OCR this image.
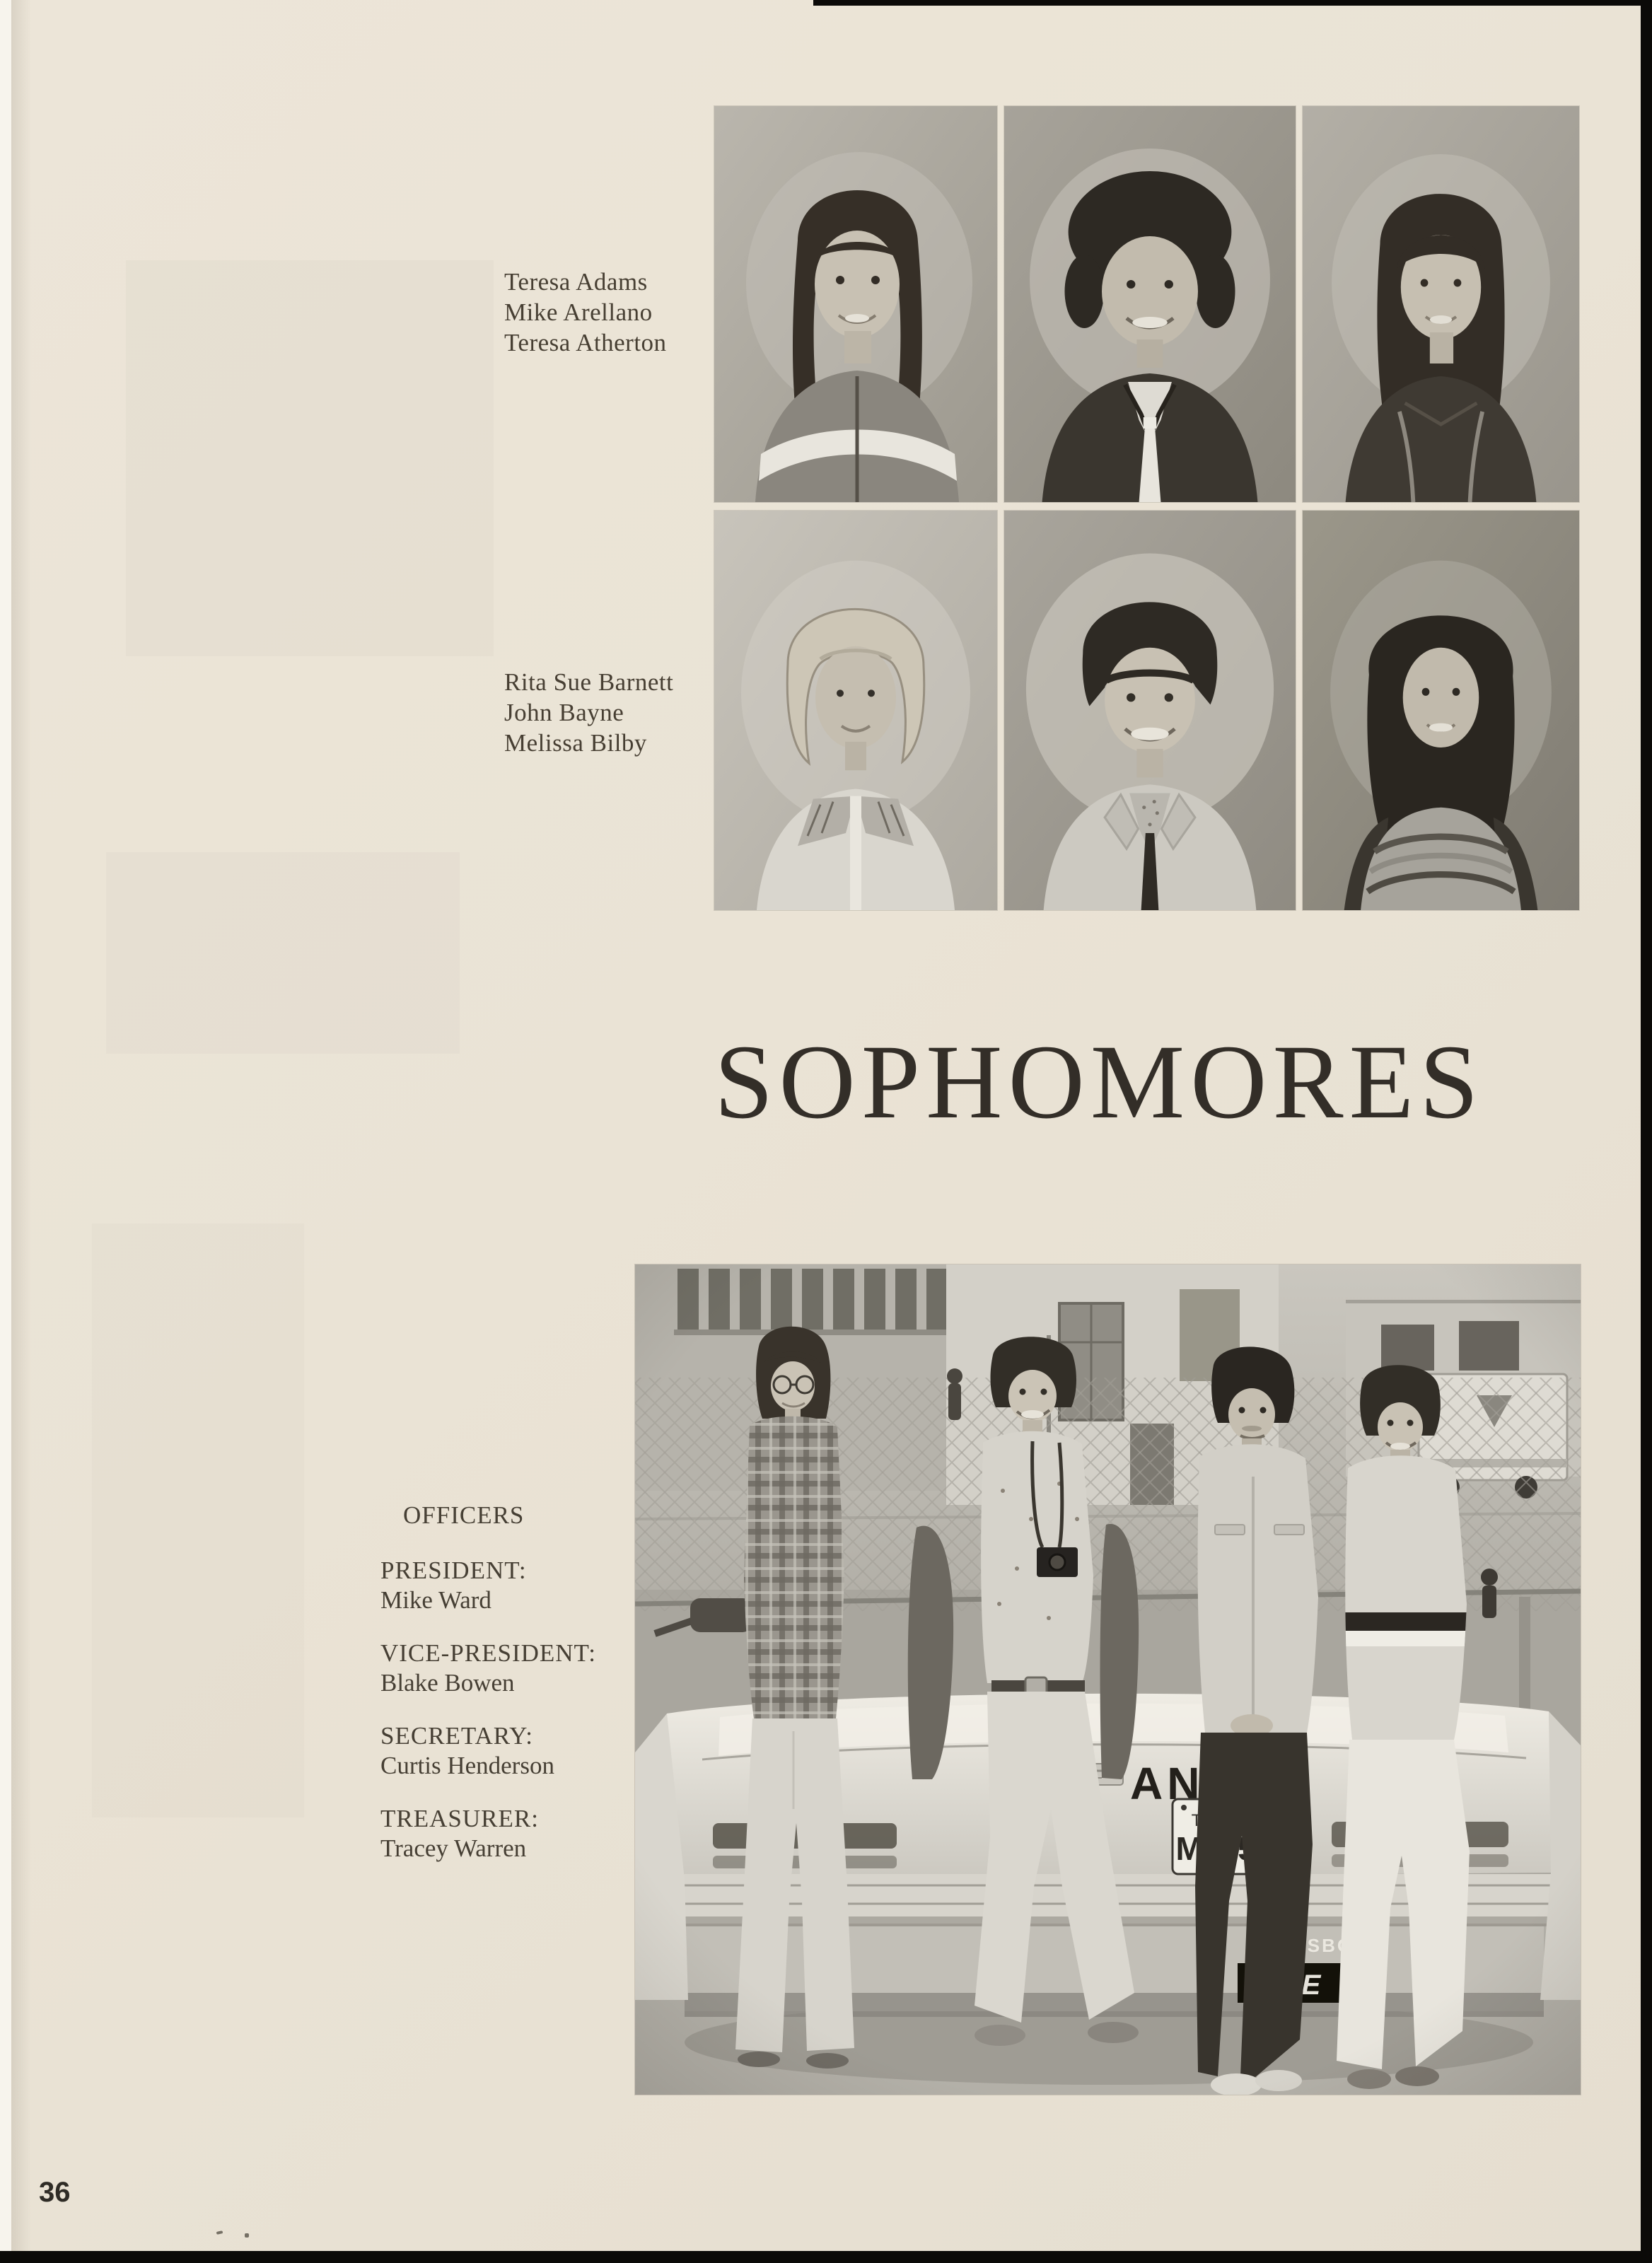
Teresa Adams
Mike Arellano
Teresa Atherton
Rita Sue Barnett
John Bayne
Melissa Bilby
SOPHOMORES
OFFICERS
PRESIDENT:
Mike Ward
VICE-PRESIDENT:
Blake Bowen
SECRETARY:
Curtis Henderson
TREASURER:
Tracey Warren
36
